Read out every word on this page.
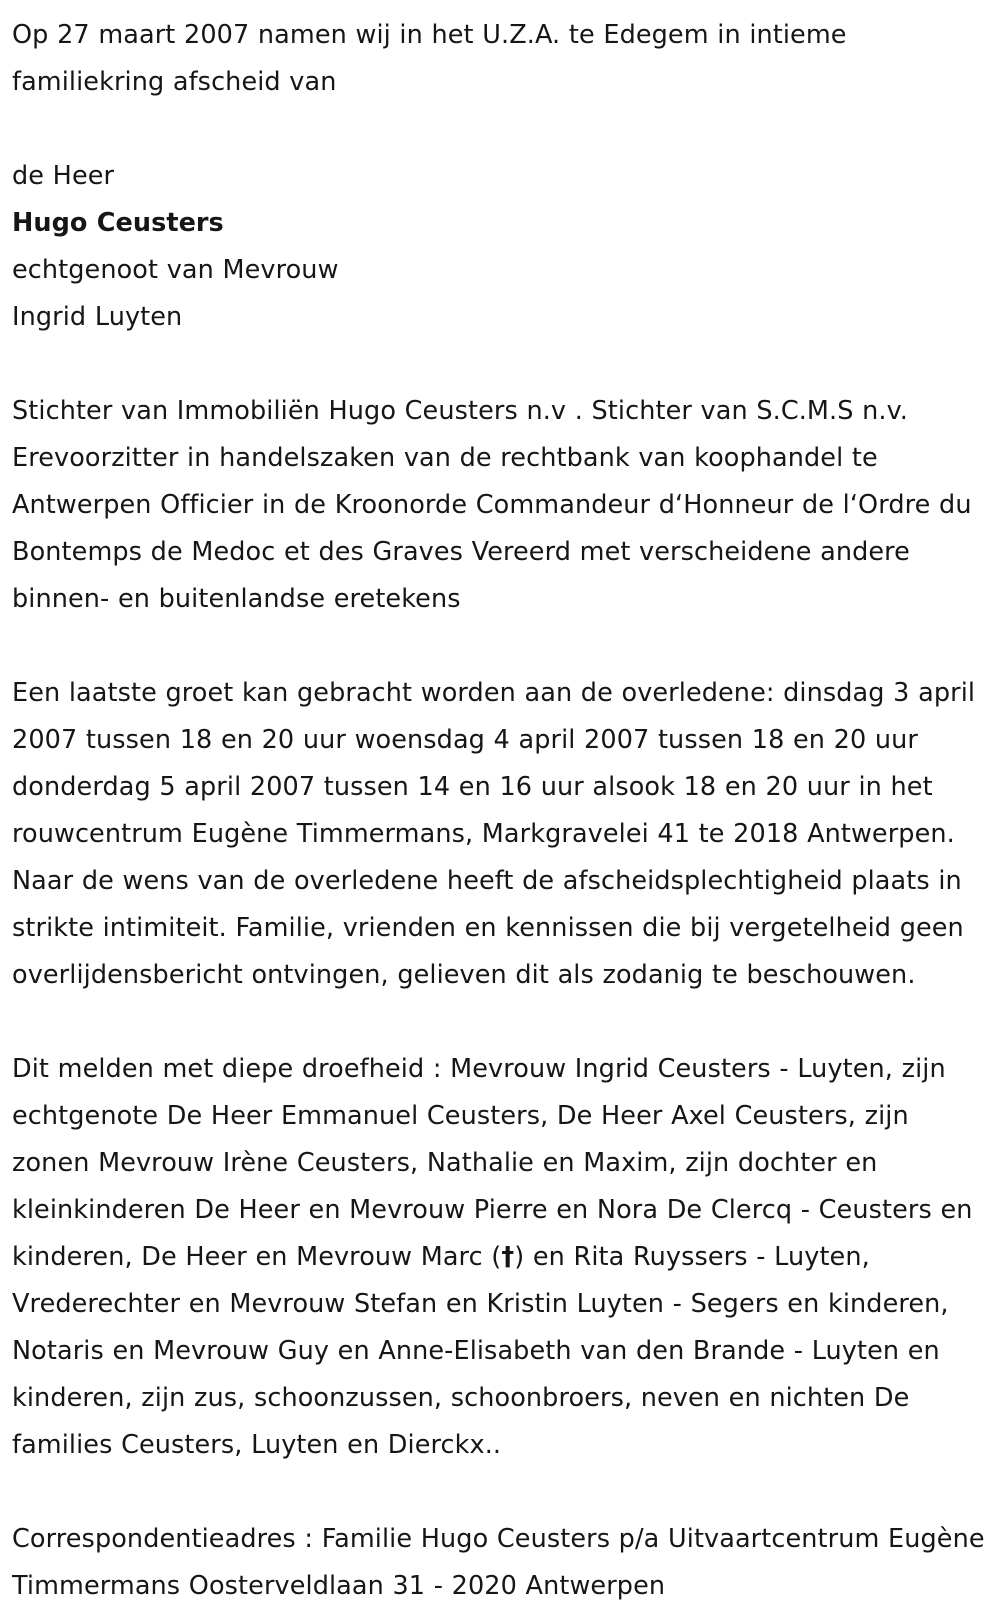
Op 27 maart 2007 namen wij in het U.Z.A. te Edegem in intieme familiekring afscheid van

de Heer
Hugo Ceusters
echtgenoot van Mevrouw
Ingrid Luyten

Stichter van Immobiliën Hugo Ceusters n.v . Stichter van S.C.M.S n.v. Erevoorzitter in handelszaken van de rechtbank van koophandel te Antwerpen Officier in de Kroonorde Commandeur d‘Honneur de l‘Ordre du Bontemps de Medoc et des Graves Vereerd met verscheidene andere binnen- en buitenlandse eretekens

Een laatste groet kan gebracht worden aan de overledene: dinsdag 3 april 2007 tussen 18 en 20 uur woensdag 4 april 2007 tussen 18 en 20 uur donderdag 5 april 2007 tussen 14 en 16 uur alsook 18 en 20 uur in het rouwcentrum Eugène Timmermans, Markgravelei 41 te 2018 Antwerpen. Naar de wens van de overledene heeft de afscheidsplechtigheid plaats in strikte intimiteit. Familie, vrienden en kennissen die bij vergetelheid geen overlijdensbericht ontvingen, gelieven dit als zodanig te beschouwen.

Dit melden met diepe droefheid : Mevrouw Ingrid Ceusters - Luyten, zijn echtgenote De Heer Emmanuel Ceusters, De Heer Axel Ceusters, zijn zonen Mevrouw Irène Ceusters, Nathalie en Maxim, zijn dochter en kleinkinderen De Heer en Mevrouw Pierre en Nora De Clercq - Ceusters en kinderen, De Heer en Mevrouw Marc (†) en Rita Ruyssers - Luyten, Vrederechter en Mevrouw Stefan en Kristin Luyten - Segers en kinderen, Notaris en Mevrouw Guy en Anne-Elisabeth van den Brande - Luyten en kinderen, zijn zus, schoonzussen, schoonbroers, neven en nichten De families Ceusters, Luyten en Dierckx..

Correspondentieadres : Familie Hugo Ceusters p/a Uitvaartcentrum Eugène Timmermans Oosterveldlaan 31 - 2020 Antwerpen
